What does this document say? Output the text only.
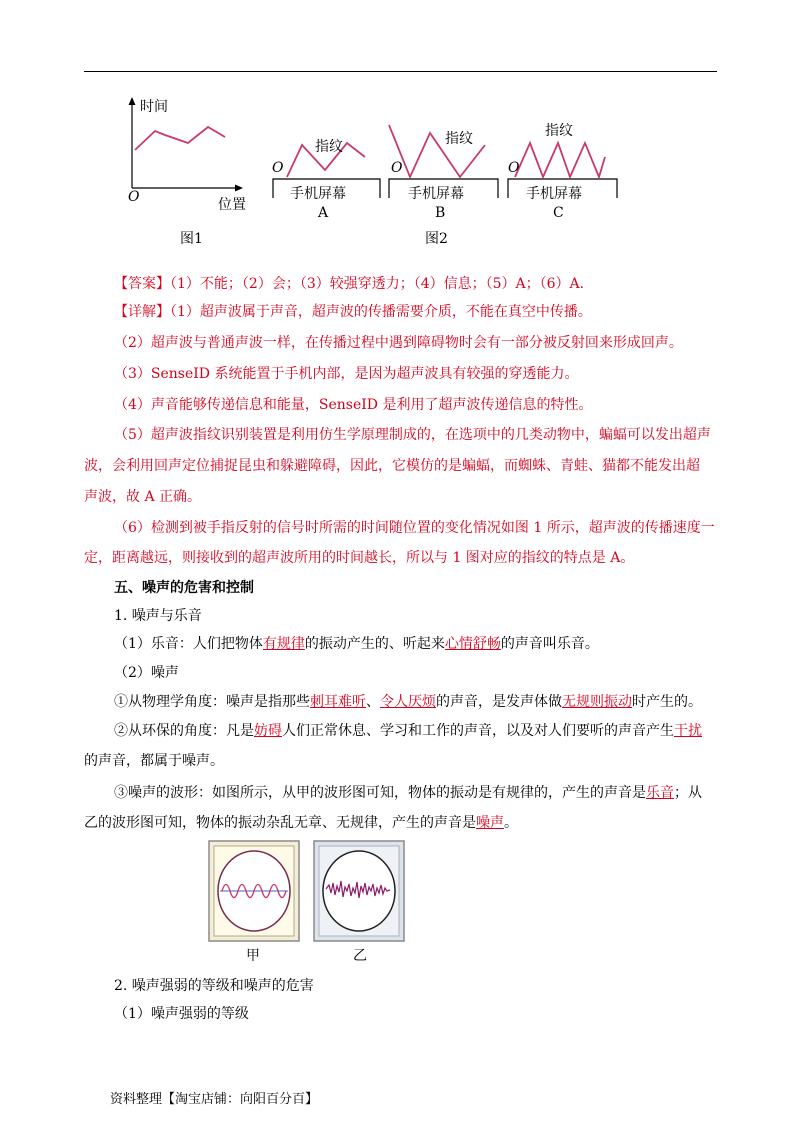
时间
O	位置
图1
指纹
O
手机屏幕
A
指纹
O
手机屏幕
B
指纹
O
手机屏幕
C
图2
【答案】（1）不能；（2）会；（3）较强穿透力；（4）信息；（5）A；（6）A.
【详解】（1）超声波属于声音，超声波的传播需要介质，不能在真空中传播。
（2）超声波与普通声波一样，在传播过程中遇到障碍物时会有一部分被反射回来形成回声。
（3）SenseID 系统能置于手机内部，是因为超声波具有较强的穿透能力。
（4）声音能够传递信息和能量，SenseID 是利用了超声波传递信息的特性。
（5）超声波指纹识别装置是利用仿生学原理制成的，在选项中的几类动物中，蝙蝠可以发出超声
波，会利用回声定位捕捉昆虫和躲避障碍，因此，它模仿的是蝙蝠，而蜘蛛、青蛙、猫都不能发出超
声波，故 A 正确。
（6）检测到被手指反射的信号时所需的时间随位置的变化情况如图 1 所示，超声波的传播速度一
定，距离越远，则接收到的超声波所用的时间越长，所以与 1 图对应的指纹的特点是 A。
五、噪声的危害和控制
1. 噪声与乐音
（1）乐音：人们把物体有规律的振动产生的、听起来心情舒畅的声音叫乐音。
（2）噪声
①从物理学角度：噪声是指那些刺耳难听、令人厌烦的声音，是发声体做无规则振动时产生的。
②从环保的角度：凡是妨碍人们正常休息、学习和工作的声音，以及对人们要听的声音产生干扰
的声音，都属于噪声。
③噪声的波形：如图所示，从甲的波形图可知，物体的振动是有规律的，产生的声音是乐音；从
乙的波形图可知，物体的振动杂乱无章、无规律，产生的声音是噪声。
甲	乙
2. 噪声强弱的等级和噪声的危害
（1）噪声强弱的等级
资料整理【淘宝店铺：向阳百分百】
